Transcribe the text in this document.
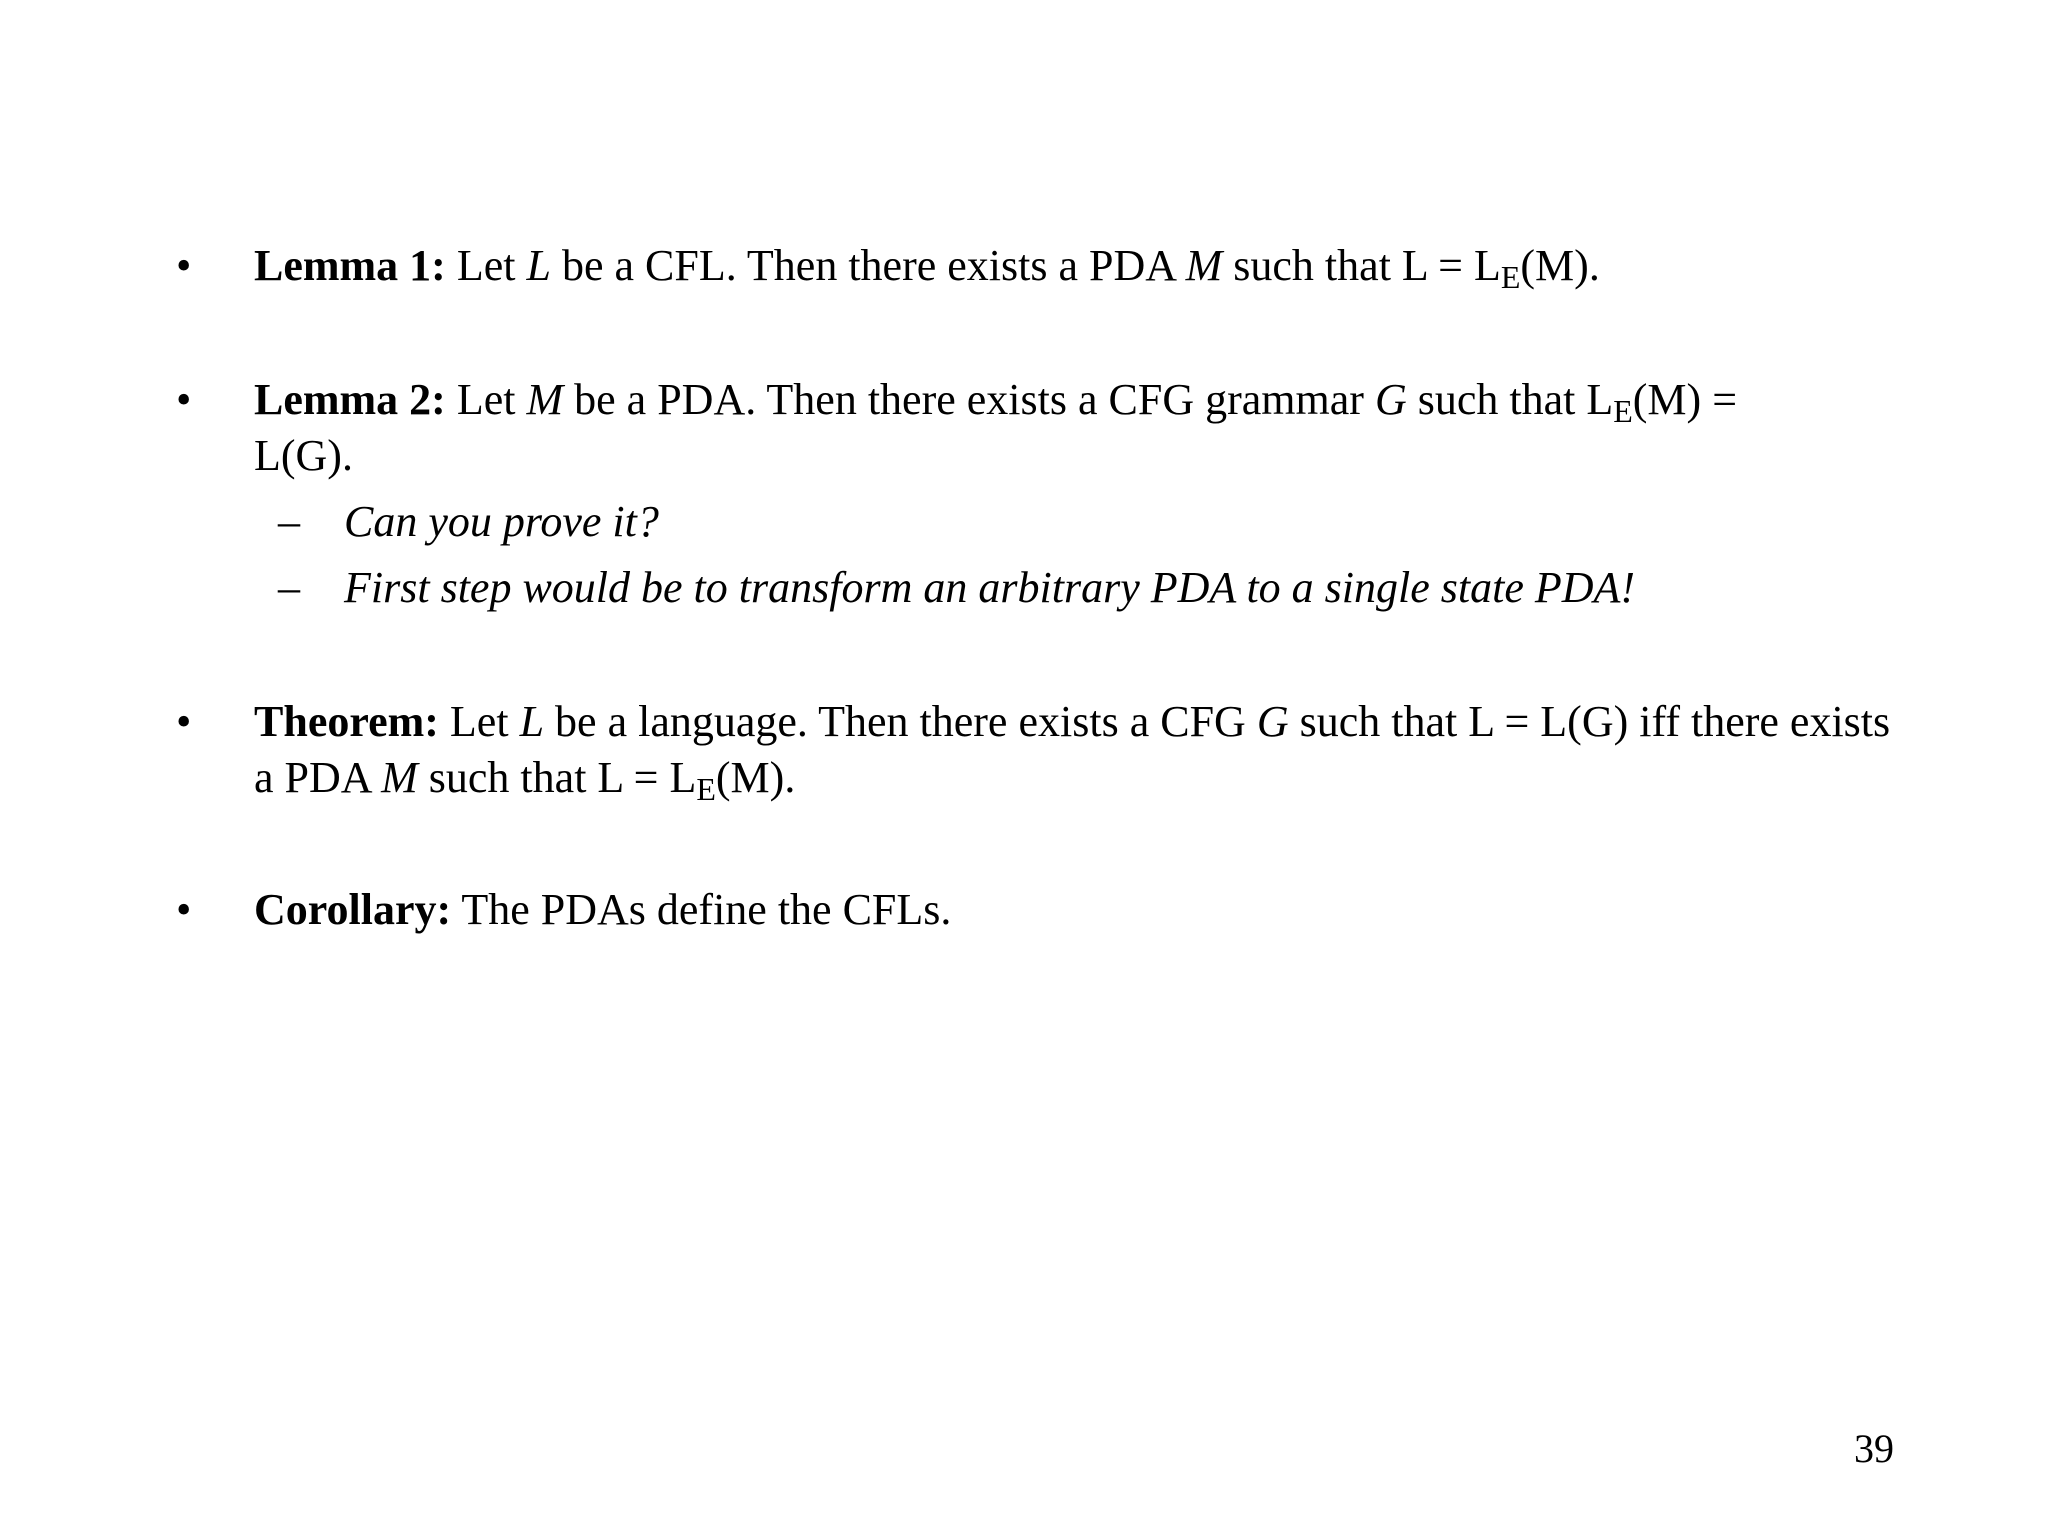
• Lemma 1: Let L be a CFL. Then there exists a PDA M such that $L = L_E(M)$.
• Lemma 2: Let M be a PDA. Then there exists a CFG grammar G such that $L_E(M) = L(G)$.
– Can you prove it?
– First step would be to transform an arbitrary PDA to a single state PDA!
• Theorem: Let L be a language. Then there exists a CFG G such that L = L(G) iff there exists a PDA M such that $L = L_E(M)$.
• Corollary: The PDAs define the CFLs.
39
